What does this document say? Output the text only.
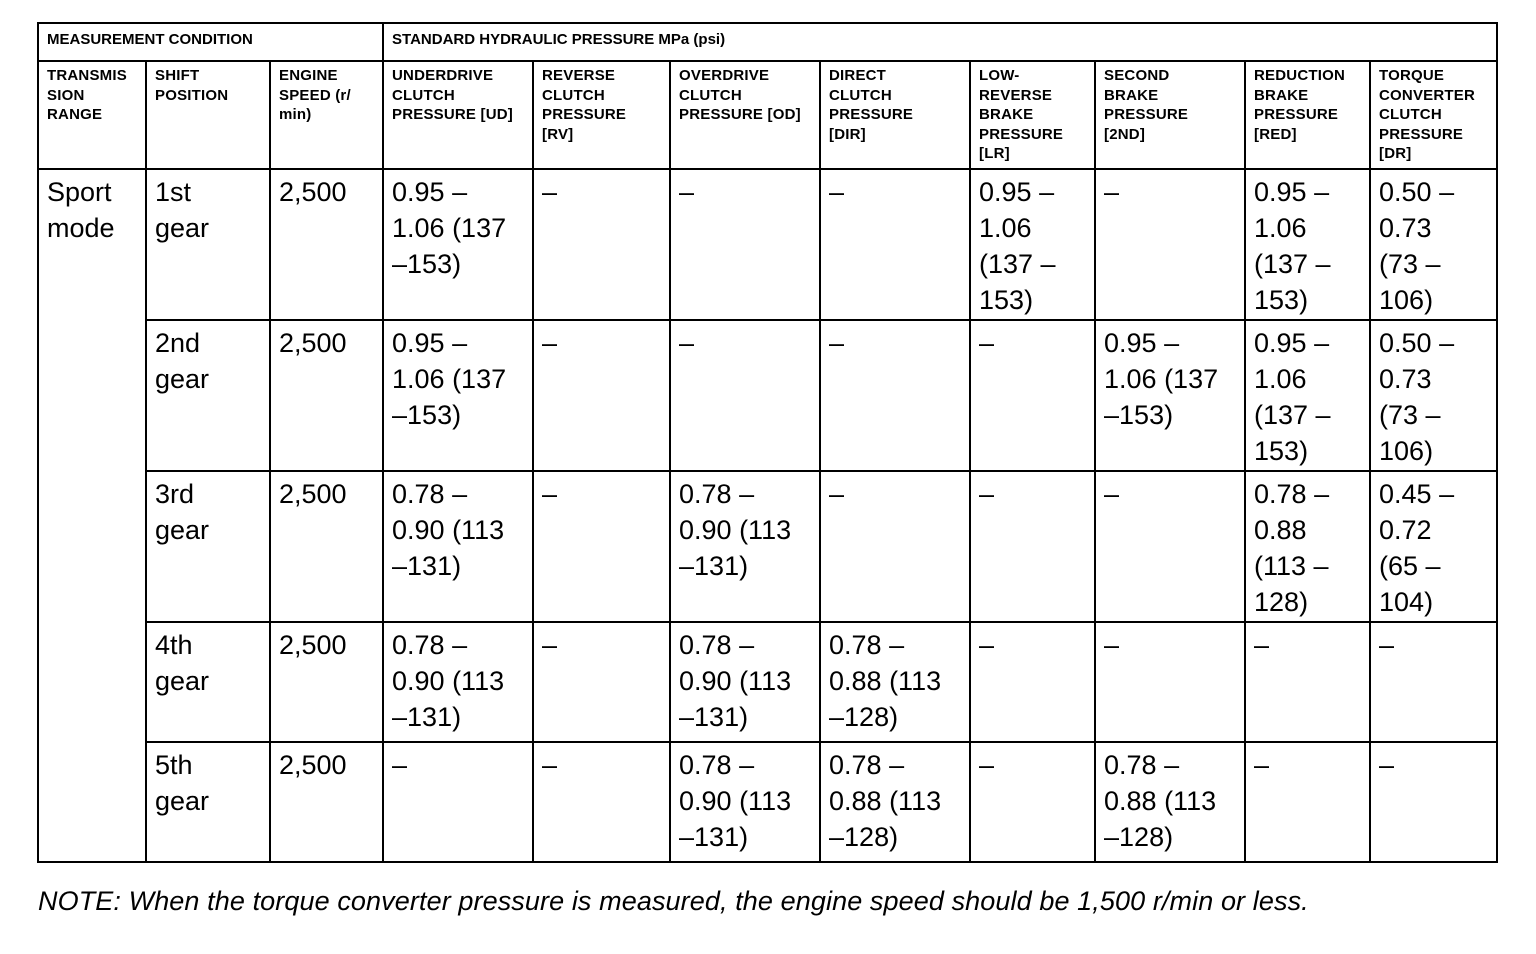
MEASUREMENT CONDITION			STANDARD HYDRAULIC PRESSURE MPa (psi)							
TRANSMIS
SION
RANGE	SHIFT
POSITION	ENGINE
SPEED (r/
min)	UNDERDRIVE
CLUTCH
PRESSURE [UD]	REVERSE
CLUTCH
PRESSURE
[RV]	OVERDRIVE
CLUTCH
PRESSURE [OD]	DIRECT
CLUTCH
PRESSURE
[DIR]	LOW-
REVERSE
BRAKE
PRESSURE
[LR]	SECOND
BRAKE
PRESSURE
[2ND]	REDUCTION
BRAKE
PRESSURE
[RED]	TORQUE
CONVERTER
CLUTCH
PRESSURE
[DR]
Sport
mode	1st
gear	2,500	0.95 –
1.06 (137
–153)	–	–	–	0.95 –
1.06
(137 –
153)	–	0.95 –
1.06
(137 –
153)	0.50 –
0.73
(73 –
106)
	2nd
gear	2,500	0.95 –
1.06 (137
–153)	–	–	–	–	0.95 –
1.06 (137
–153)	0.95 –
1.06
(137 –
153)	0.50 –
0.73
(73 –
106)
	3rd
gear	2,500	0.78 –
0.90 (113
–131)	–	0.78 –
0.90 (113
–131)	–	–	–	0.78 –
0.88
(113 –
128)	0.45 –
0.72
(65 –
104)
	4th
gear	2,500	0.78 –
0.90 (113
–131)	–	0.78 –
0.90 (113
–131)	0.78 –
0.88 (113
–128)	–	–	–	–
	5th
gear	2,500	–	–	0.78 –
0.90 (113
–131)	0.78 –
0.88 (113
–128)	–	0.78 –
0.88 (113
–128)	–	–
NOTE: When the torque converter pressure is measured, the engine speed should be 1,500 r/min or less.
